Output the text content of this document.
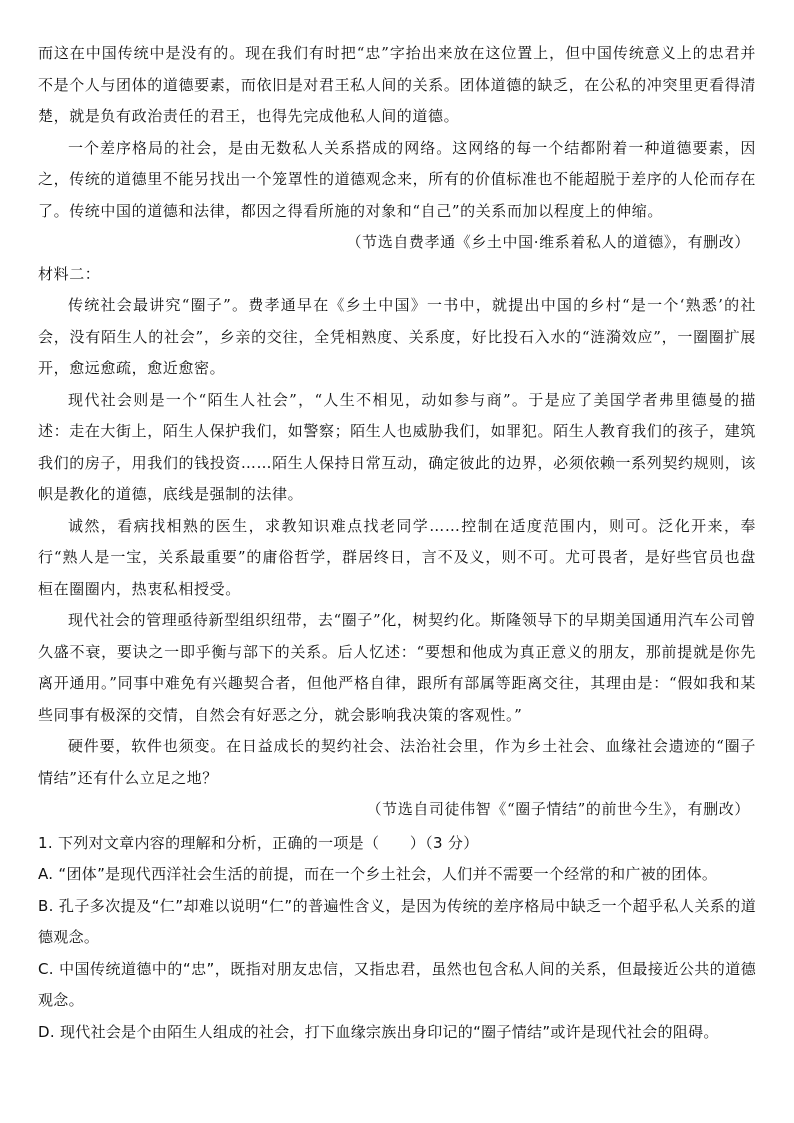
而这在中国传统中是没有的。现在我们有时把“忠”字抬出来放在这位置上，但中国传统意义上的忠君并不是个人与团体的道德要素，而依旧是对君王私人间的关系。团体道德的缺乏，在公私的冲突里更看得清楚，就是负有政治责任的君王，也得先完成他私人间的道德。

一个差序格局的社会，是由无数私人关系搭成的网络。这网络的每一个结都附着一种道德要素，因之，传统的道德里不能另找出一个笼罩性的道德观念来，所有的价值标准也不能超脱于差序的人伦而存在了。传统中国的道德和法律，都因之得看所施的对象和“自己”的关系而加以程度上的伸缩。

（节选自费孝通《乡土中国·维系着私人的道德》，有删改）

材料二：

传统社会最讲究“圈子”。费孝通早在《乡土中国》一书中，就提出中国的乡村“是一个‘熟悉’的社会，没有陌生人的社会”，乡亲的交往，全凭相熟度、关系度，好比投石入水的“涟漪效应”，一圈圈扩展开，愈远愈疏，愈近愈密。

现代社会则是一个“陌生人社会”，“人生不相见，动如参与商”。于是应了美国学者弗里德曼的描述：走在大街上，陌生人保护我们，如警察；陌生人也威胁我们，如罪犯。陌生人教育我们的孩子，建筑我们的房子，用我们的钱投资……陌生人保持日常互动，确定彼此的边界，必须依赖一系列契约规则，该帜是教化的道德，底线是强制的法律。

诚然，看病找相熟的医生，求教知识难点找老同学……控制在适度范围内，则可。泛化开来，奉行“熟人是一宝，关系最重要”的庸俗哲学，群居终日，言不及义，则不可。尤可畏者，是好些官员也盘桓在圈圈内，热衷私相授受。

现代社会的管理亟待新型组织纽带，去“圈子”化，树契约化。斯隆领导下的早期美国通用汽车公司曾久盛不衰，要诀之一即乎衡与部下的关系。后人忆述：“要想和他成为真正意义的朋友，那前提就是你先离开通用。”同事中难免有兴趣契合者，但他严格自律，跟所有部属等距离交往，其理由是：“假如我和某些同事有极深的交情，自然会有好恶之分，就会影响我决策的客观性。”

硬件要，软件也须变。在日益成长的契约社会、法治社会里，作为乡土社会、血缘社会遗迹的“圈子情结”还有什么立足之地？

（节选自司徒伟智《“圈子情结”的前世今生》，有删改）

1. 下列对文章内容的理解和分析，正确的一项是（　　）（3 分）

A. “团体”是现代西洋社会生活的前提，而在一个乡土社会，人们并不需要一个经常的和广被的团体。

B. 孔子多次提及“仁”却难以说明“仁”的普遍性含义，是因为传统的差序格局中缺乏一个超乎私人关系的道德观念。

C. 中国传统道德中的“忠”，既指对朋友忠信，又指忠君，虽然也包含私人间的关系，但最接近公共的道德观念。

D. 现代社会是个由陌生人组成的社会，打下血缘宗族出身印记的“圈子情结”或许是现代社会的阻碍。
